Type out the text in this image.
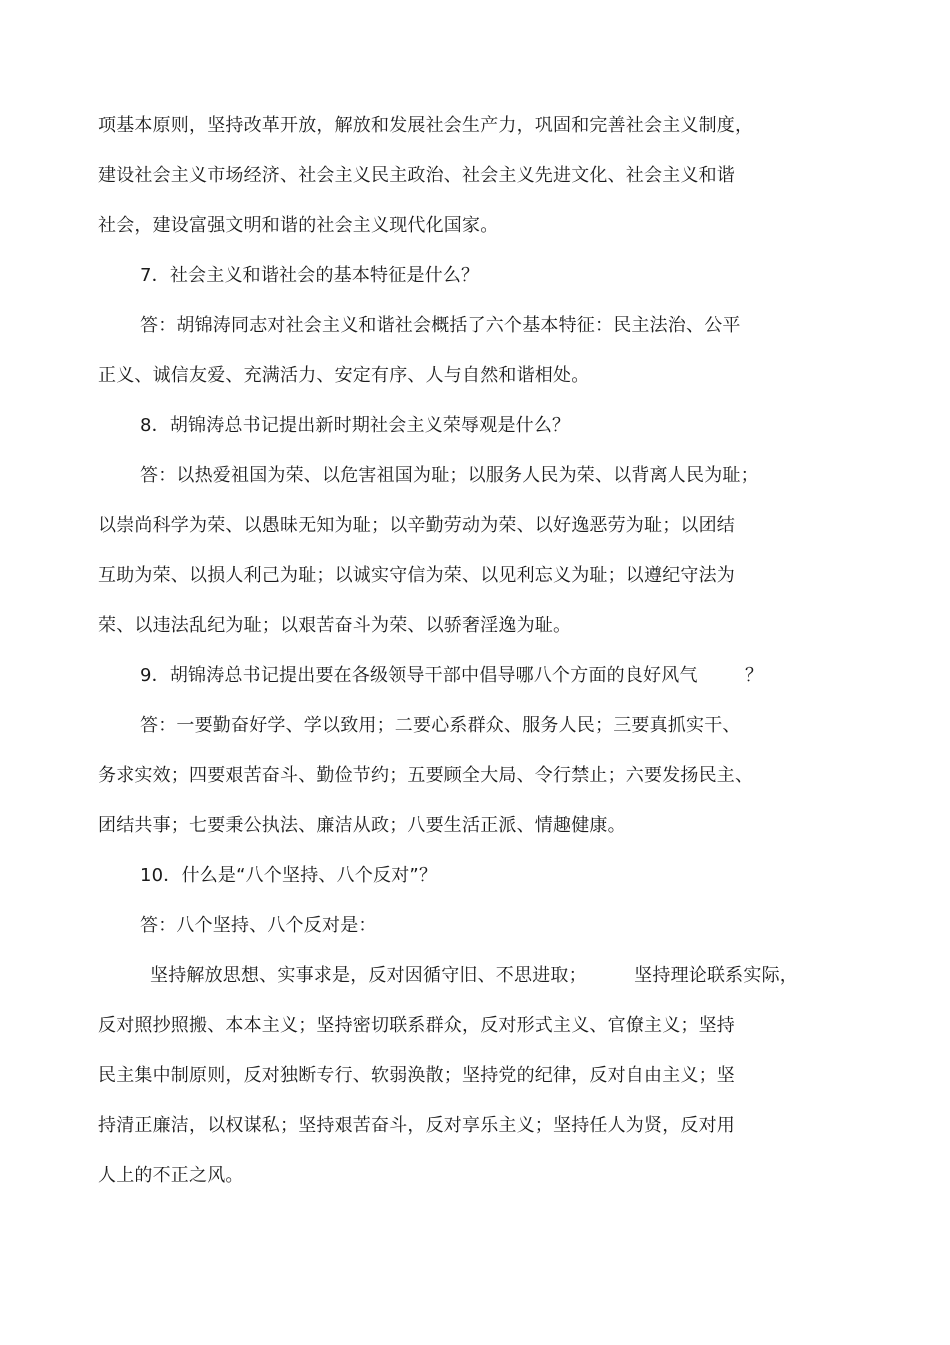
项基本原则，坚持改革开放，解放和发展社会生产力，巩固和完善社会主义制度，
建设社会主义市场经济、社会主义民主政治、社会主义先进文化、社会主义和谐
社会，建设富强文明和谐的社会主义现代化国家。
7．社会主义和谐社会的基本特征是什么？
答：胡锦涛同志对社会主义和谐社会概括了六个基本特征：民主法治、公平
正义、诚信友爱、充满活力、安定有序、人与自然和谐相处。
8．胡锦涛总书记提出新时期社会主义荣辱观是什么？
答：以热爱祖国为荣、以危害祖国为耻；以服务人民为荣、以背离人民为耻；
以崇尚科学为荣、以愚昧无知为耻；以辛勤劳动为荣、以好逸恶劳为耻；以团结
互助为荣、以损人利己为耻；以诚实守信为荣、以见利忘义为耻；以遵纪守法为
荣、以违法乱纪为耻；以艰苦奋斗为荣、以骄奢淫逸为耻。
9．胡锦涛总书记提出要在各级领导干部中倡导哪八个方面的良好风气        ？
答：一要勤奋好学、学以致用；二要心系群众、服务人民；三要真抓实干、
务求实效；四要艰苦奋斗、勤俭节约；五要顾全大局、令行禁止；六要发扬民主、
团结共事；七要秉公执法、廉洁从政；八要生活正派、情趣健康。
10．什么是“八个坚持、八个反对”？
答：八个坚持、八个反对是：
坚持解放思想、实事求是，反对因循守旧、不思进取；        坚持理论联系实际，
反对照抄照搬、本本主义；坚持密切联系群众，反对形式主义、官僚主义；坚持
民主集中制原则，反对独断专行、软弱涣散；坚持党的纪律，反对自由主义；坚
持清正廉洁，以权谋私；坚持艰苦奋斗，反对享乐主义；坚持任人为贤，反对用
人上的不正之风。
